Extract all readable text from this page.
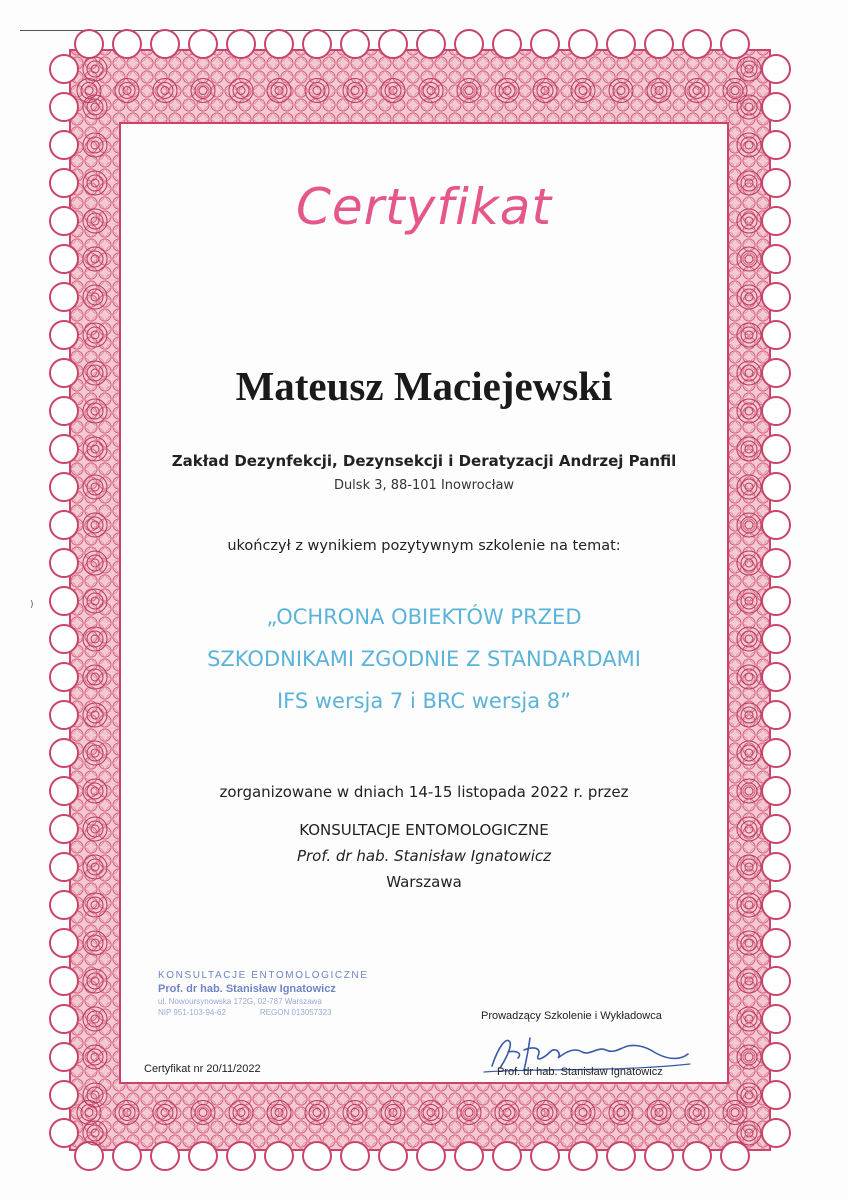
)
Certyfikat
Mateusz Maciejewski
Zakład Dezynfekcji, Dezynsekcji i Deratyzacji Andrzej Panfil
Dulsk 3, 88-101 Inowrocław
ukończył z wynikiem pozytywnym szkolenie na temat:
„OCHRONA OBIEKTÓW PRZED
SZKODNIKAMI ZGODNIE Z STANDARDAMI
IFS wersja 7 i BRC wersja 8”
zorganizowane w dniach 14-15 listopada 2022 r. przez
KONSULTACJE ENTOMOLOGICZNE
Prof. dr hab. Stanisław Ignatowicz
Warszawa
KONSULTACJE ENTOMOLOGICZNE
Prof. dr hab. Stanisław Ignatowicz
ul. Nowoursynowska 172G, 02-787 Warszawa
NIP 951-103-94-62	REGON 013057323	Prowadzący Szkolenie i Wykładowca
Prof. dr hab. Stanisław Ignatowicz
Certyfikat nr 20/11/2022
